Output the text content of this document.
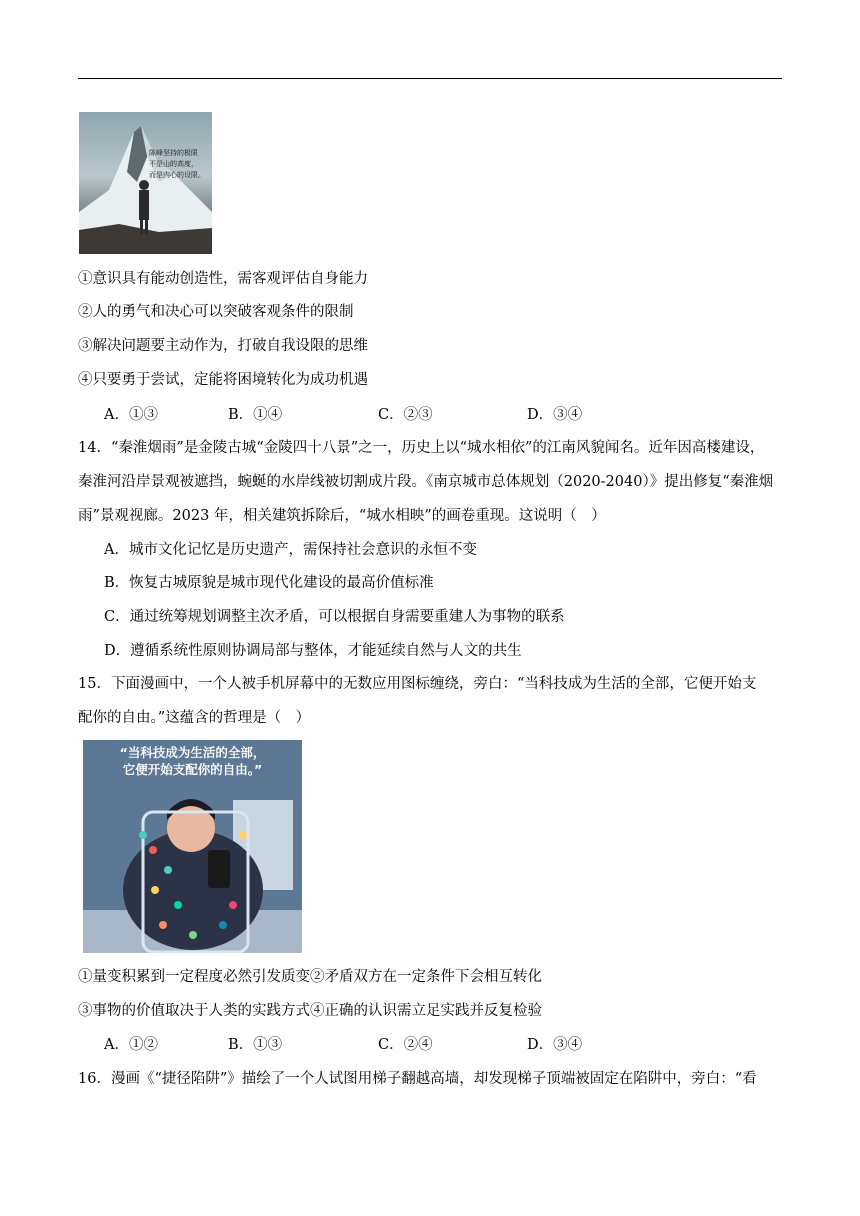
陈峰坚持的极限
不是山的高度，
而是内心的设限。
①意识具有能动创造性，需客观评估自身能力
②人的勇气和决心可以突破客观条件的限制
③解决问题要主动作为，打破自我设限的思维
④只要勇于尝试，定能将困境转化为成功机遇
A．①③	B．①④	C．②③	D．③④
14．“秦淮烟雨”是金陵古城“金陵四十八景”之一，历史上以“城水相依”的江南风貌闻名。近年因高楼建设，
秦淮河沿岸景观被遮挡，蜿蜒的水岸线被切割成片段。《南京城市总体规划（2020-2040）》提出修复“秦淮烟
雨”景观视廊。2023 年，相关建筑拆除后，“城水相映”的画卷重现。这说明（　）
A．城市文化记忆是历史遗产，需保持社会意识的永恒不变
B．恢复古城原貌是城市现代化建设的最高价值标准
C．通过统筹规划调整主次矛盾，可以根据自身需要重建人为事物的联系
D．遵循系统性原则协调局部与整体，才能延续自然与人文的共生
15．下面漫画中，一个人被手机屏幕中的无数应用图标缠绕，旁白：“当科技成为生活的全部，它便开始支
配你的自由。”这蕴含的哲理是（　）
“当科技成为生活的全部，
它便开始支配你的自由。”
①量变积累到一定程度必然引发质变②矛盾双方在一定条件下会相互转化
③事物的价值取决于人类的实践方式④正确的认识需立足实践并反复检验
A．①②	B．①③	C．②④	D．③④
16．漫画《“捷径陷阱”》描绘了一个人试图用梯子翻越高墙，却发现梯子顶端被固定在陷阱中，旁白：“看
